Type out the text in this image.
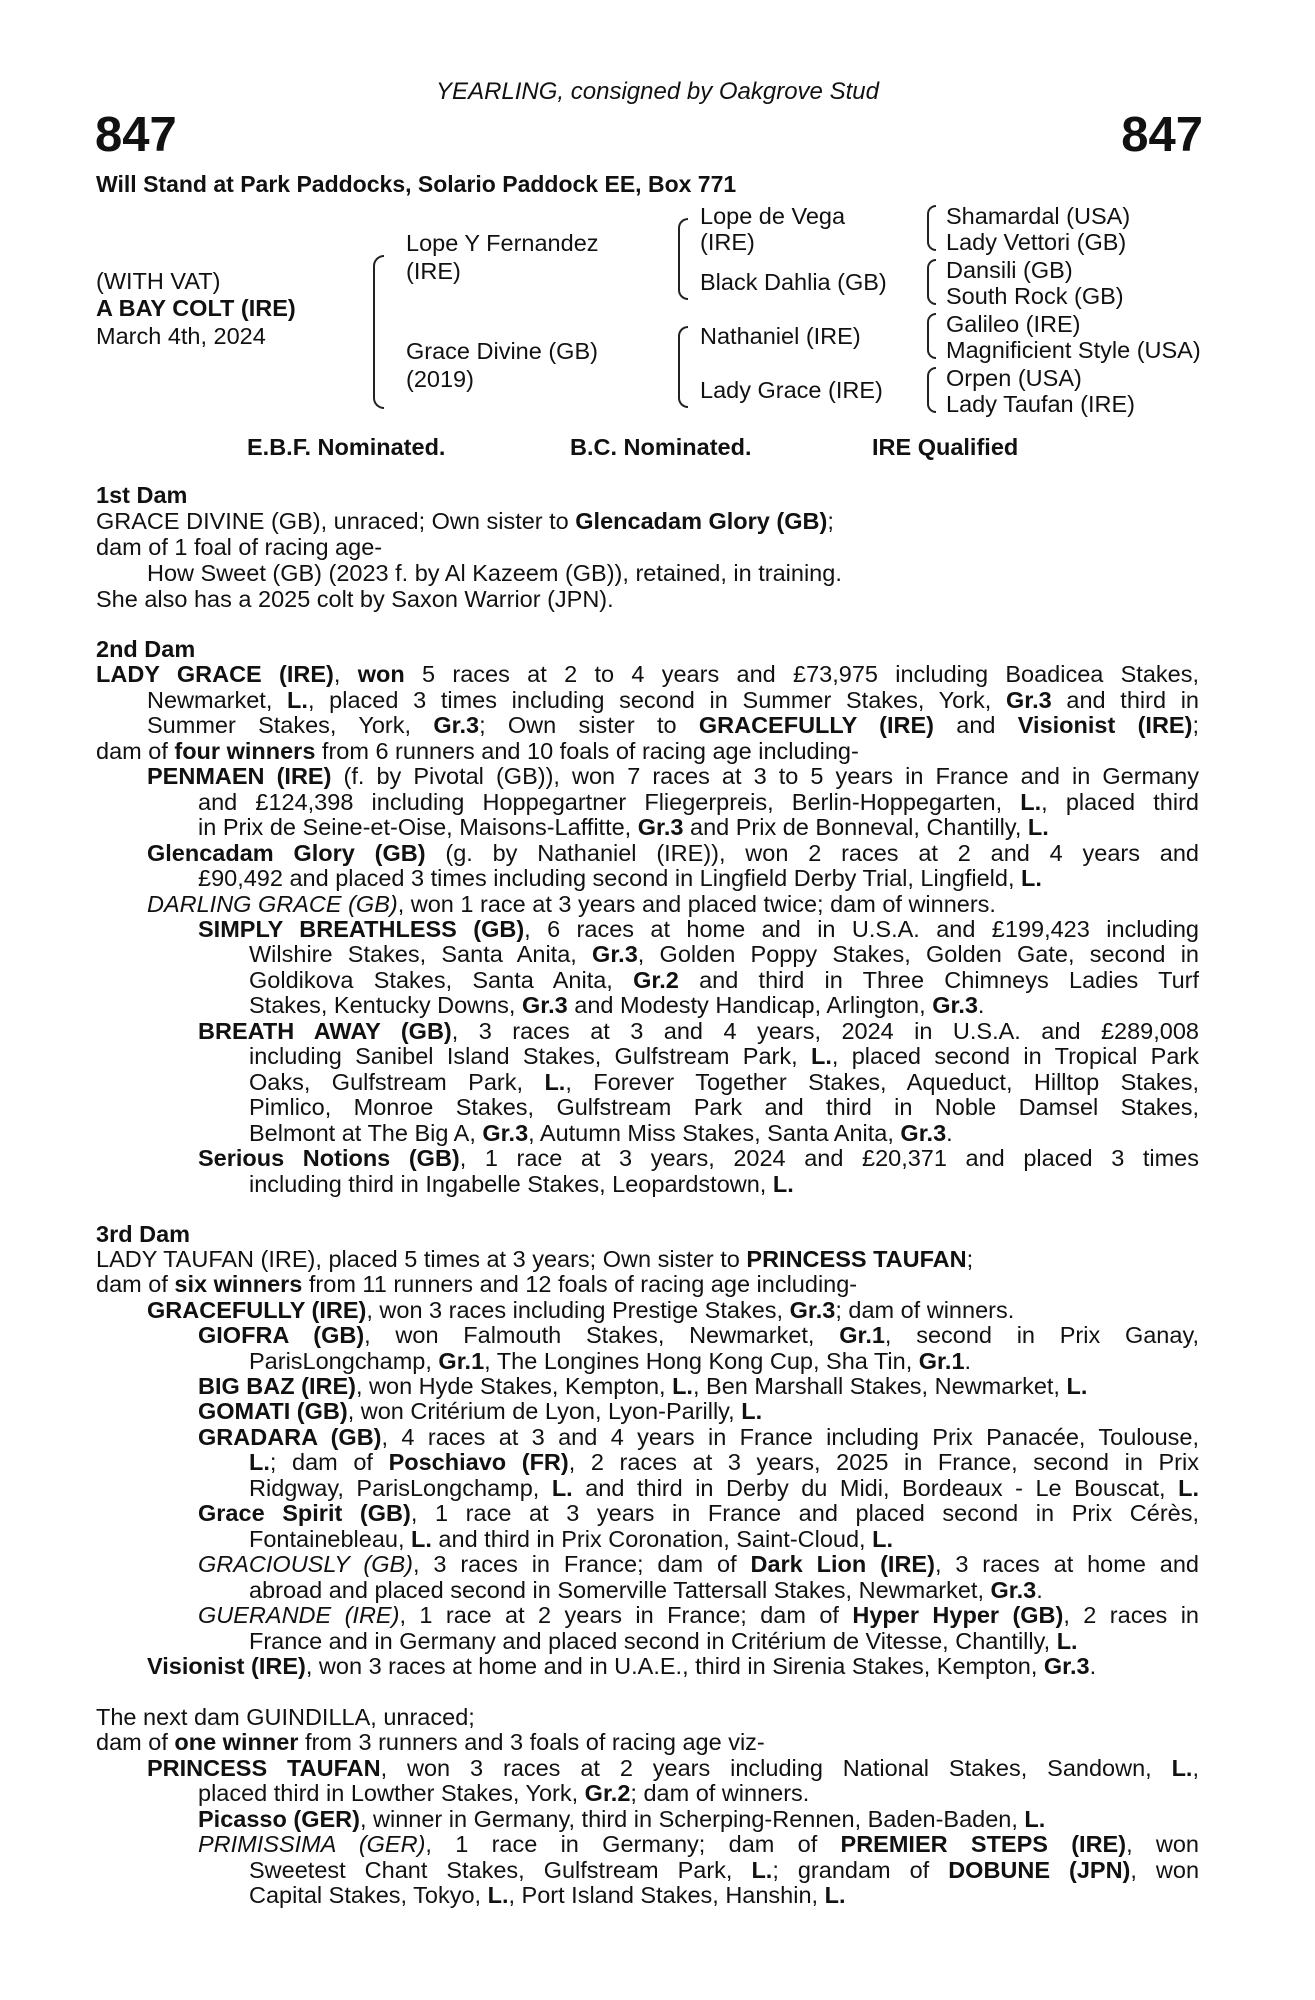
YEARLING, consigned by Oakgrove Stud
847	847
Will Stand at Park Paddocks, Solario Paddock EE, Box 771
(WITH VAT)
A BAY COLT (IRE)
March 4th, 2024
Lope Y Fernandez
(IRE)
Grace Divine (GB)
(2019)
Lope de Vega
(IRE)
Black Dahlia (GB)
Nathaniel (IRE)
Lady Grace (IRE)
Shamardal (USA)
Lady Vettori (GB)
Dansili (GB)
South Rock (GB)
Galileo (IRE)
Magnificient Style (USA)
Orpen (USA)
Lady Taufan (IRE)
E.B.F. Nominated.	B.C. Nominated.	IRE Qualified
1st Dam
GRACE DIVINE (GB), unraced; Own sister to Glencadam Glory (GB);
dam of 1 foal of racing age-
How Sweet (GB) (2023 f. by Al Kazeem (GB)), retained, in training.
She also has a 2025 colt by Saxon Warrior (JPN).
2nd Dam
LADY GRACE (IRE), won 5 races at 2 to 4 years and £73,975 including Boadicea Stakes,
Newmarket, L., placed 3 times including second in Summer Stakes, York, Gr.3 and third in
Summer Stakes, York, Gr.3; Own sister to GRACEFULLY (IRE) and Visionist (IRE);
dam of four winners from 6 runners and 10 foals of racing age including-
PENMAEN (IRE) (f. by Pivotal (GB)), won 7 races at 3 to 5 years in France and in Germany
and £124,398 including Hoppegartner Fliegerpreis, Berlin-Hoppegarten, L., placed third
in Prix de Seine-et-Oise, Maisons-Laffitte, Gr.3 and Prix de Bonneval, Chantilly, L.
Glencadam Glory (GB) (g. by Nathaniel (IRE)), won 2 races at 2 and 4 years and
£90,492 and placed 3 times including second in Lingfield Derby Trial, Lingfield, L.
DARLING GRACE (GB), won 1 race at 3 years and placed twice; dam of winners.
SIMPLY BREATHLESS (GB), 6 races at home and in U.S.A. and £199,423 including
Wilshire Stakes, Santa Anita, Gr.3, Golden Poppy Stakes, Golden Gate, second in
Goldikova Stakes, Santa Anita, Gr.2 and third in Three Chimneys Ladies Turf
Stakes, Kentucky Downs, Gr.3 and Modesty Handicap, Arlington, Gr.3.
BREATH AWAY (GB), 3 races at 3 and 4 years, 2024 in U.S.A. and £289,008
including Sanibel Island Stakes, Gulfstream Park, L., placed second in Tropical Park
Oaks, Gulfstream Park, L., Forever Together Stakes, Aqueduct, Hilltop Stakes,
Pimlico, Monroe Stakes, Gulfstream Park and third in Noble Damsel Stakes,
Belmont at The Big A, Gr.3, Autumn Miss Stakes, Santa Anita, Gr.3.
Serious Notions (GB), 1 race at 3 years, 2024 and £20,371 and placed 3 times
including third in Ingabelle Stakes, Leopardstown, L.
3rd Dam
LADY TAUFAN (IRE), placed 5 times at 3 years; Own sister to PRINCESS TAUFAN;
dam of six winners from 11 runners and 12 foals of racing age including-
GRACEFULLY (IRE), won 3 races including Prestige Stakes, Gr.3; dam of winners.
GIOFRA (GB), won Falmouth Stakes, Newmarket, Gr.1, second in Prix Ganay,
ParisLongchamp, Gr.1, The Longines Hong Kong Cup, Sha Tin, Gr.1.
BIG BAZ (IRE), won Hyde Stakes, Kempton, L., Ben Marshall Stakes, Newmarket, L.
GOMATI (GB), won Critérium de Lyon, Lyon-Parilly, L.
GRADARA (GB), 4 races at 3 and 4 years in France including Prix Panacée, Toulouse,
L.; dam of Poschiavo (FR), 2 races at 3 years, 2025 in France, second in Prix
Ridgway, ParisLongchamp, L. and third in Derby du Midi, Bordeaux - Le Bouscat, L.
Grace Spirit (GB), 1 race at 3 years in France and placed second in Prix Cérès,
Fontainebleau, L. and third in Prix Coronation, Saint-Cloud, L.
GRACIOUSLY (GB), 3 races in France; dam of Dark Lion (IRE), 3 races at home and
abroad and placed second in Somerville Tattersall Stakes, Newmarket, Gr.3.
GUERANDE (IRE), 1 race at 2 years in France; dam of Hyper Hyper (GB), 2 races in
France and in Germany and placed second in Critérium de Vitesse, Chantilly, L.
Visionist (IRE), won 3 races at home and in U.A.E., third in Sirenia Stakes, Kempton, Gr.3.
The next dam GUINDILLA, unraced;
dam of one winner from 3 runners and 3 foals of racing age viz-
PRINCESS TAUFAN, won 3 races at 2 years including National Stakes, Sandown, L.,
placed third in Lowther Stakes, York, Gr.2; dam of winners.
Picasso (GER), winner in Germany, third in Scherping-Rennen, Baden-Baden, L.
PRIMISSIMA (GER), 1 race in Germany; dam of PREMIER STEPS (IRE), won
Sweetest Chant Stakes, Gulfstream Park, L.; grandam of DOBUNE (JPN), won
Capital Stakes, Tokyo, L., Port Island Stakes, Hanshin, L.
